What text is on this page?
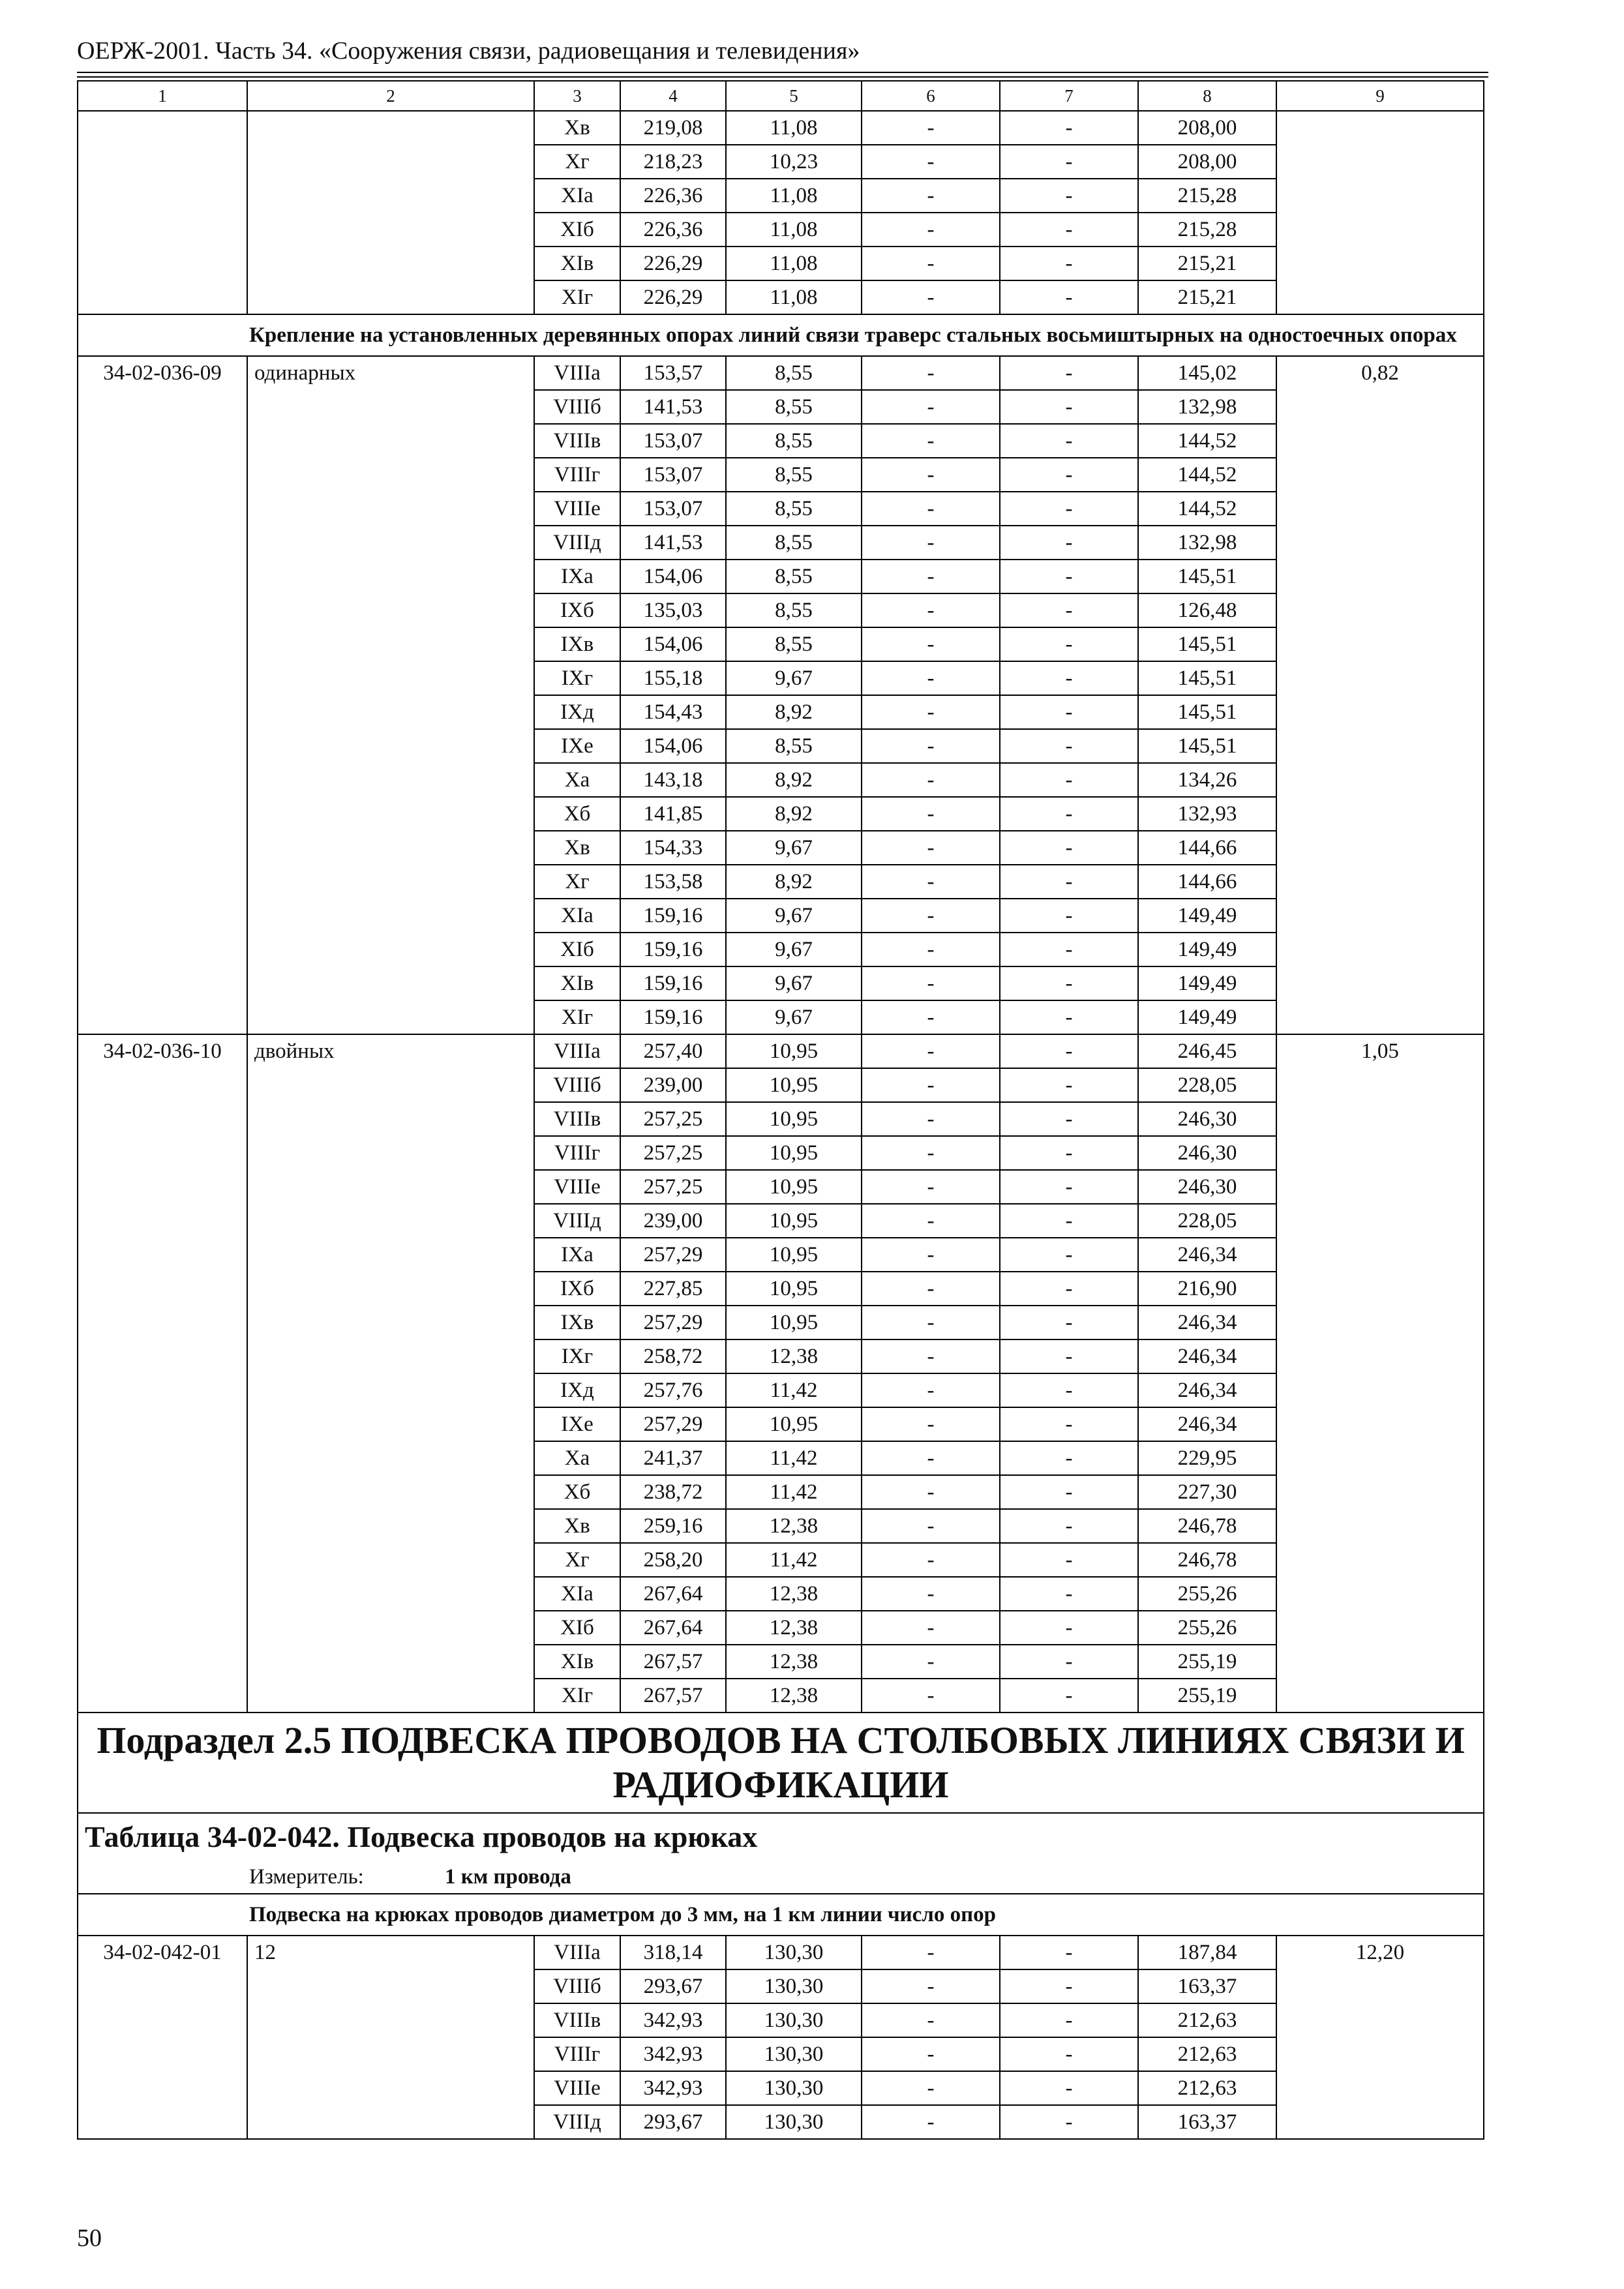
ОЕРЖ-2001. Часть 34. «Сооружения связи, радиовещания и телевидения»
1	2	3	4	5	6	7	8	9
		Хв	219,08	11,08	-	-	208,00	
		Хг	218,23	10,23	-	-	208,00	
		ХIа	226,36	11,08	-	-	215,28	
		ХIб	226,36	11,08	-	-	215,28	
		ХIв	226,29	11,08	-	-	215,21	
		ХIг	226,29	11,08	-	-	215,21	
Крепление на установленных деревянных опорах линий связи траверс стальных восьмиштырных на одностоечных опорах								
34-02-036-09	одинарных	VIIIа	153,57	8,55	-	-	145,02	0,82
		VIIIб	141,53	8,55	-	-	132,98	
		VIIIв	153,07	8,55	-	-	144,52	
		VIIIг	153,07	8,55	-	-	144,52	
		VIIIе	153,07	8,55	-	-	144,52	
		VIIIд	141,53	8,55	-	-	132,98	
		IХа	154,06	8,55	-	-	145,51	
		IХб	135,03	8,55	-	-	126,48	
		IХв	154,06	8,55	-	-	145,51	
		IХг	155,18	9,67	-	-	145,51	
		IХд	154,43	8,92	-	-	145,51	
		IХе	154,06	8,55	-	-	145,51	
		Ха	143,18	8,92	-	-	134,26	
		Хб	141,85	8,92	-	-	132,93	
		Хв	154,33	9,67	-	-	144,66	
		Хг	153,58	8,92	-	-	144,66	
		ХIа	159,16	9,67	-	-	149,49	
		ХIб	159,16	9,67	-	-	149,49	
		ХIв	159,16	9,67	-	-	149,49	
		ХIг	159,16	9,67	-	-	149,49	
34-02-036-10	двойных	VIIIа	257,40	10,95	-	-	246,45	1,05
		VIIIб	239,00	10,95	-	-	228,05	
		VIIIв	257,25	10,95	-	-	246,30	
		VIIIг	257,25	10,95	-	-	246,30	
		VIIIе	257,25	10,95	-	-	246,30	
		VIIIд	239,00	10,95	-	-	228,05	
		IХа	257,29	10,95	-	-	246,34	
		IХб	227,85	10,95	-	-	216,90	
		IХв	257,29	10,95	-	-	246,34	
		IХг	258,72	12,38	-	-	246,34	
		IХд	257,76	11,42	-	-	246,34	
		IХе	257,29	10,95	-	-	246,34	
		Ха	241,37	11,42	-	-	229,95	
		Хб	238,72	11,42	-	-	227,30	
		Хв	259,16	12,38	-	-	246,78	
		Хг	258,20	11,42	-	-	246,78	
		ХIа	267,64	12,38	-	-	255,26	
		ХIб	267,64	12,38	-	-	255,26	
		ХIв	267,57	12,38	-	-	255,19	
		ХIг	267,57	12,38	-	-	255,19	
Подраздел 2.5 ПОДВЕСКА ПРОВОДОВ НА СТОЛБОВЫХ ЛИНИЯХ СВЯЗИ И РАДИОФИКАЦИИ								
Таблица 34-02-042. Подвеска проводов на крюках								
Измеритель: 1 км провода								
Подвеска на крюках проводов диаметром до 3 мм, на 1 км линии число опор								
34-02-042-01	12	VIIIа	318,14	130,30	-	-	187,84	12,20
		VIIIб	293,67	130,30	-	-	163,37	
		VIIIв	342,93	130,30	-	-	212,63	
		VIIIг	342,93	130,30	-	-	212,63	
		VIIIе	342,93	130,30	-	-	212,63	
		VIIIд	293,67	130,30	-	-	163,37	
50
